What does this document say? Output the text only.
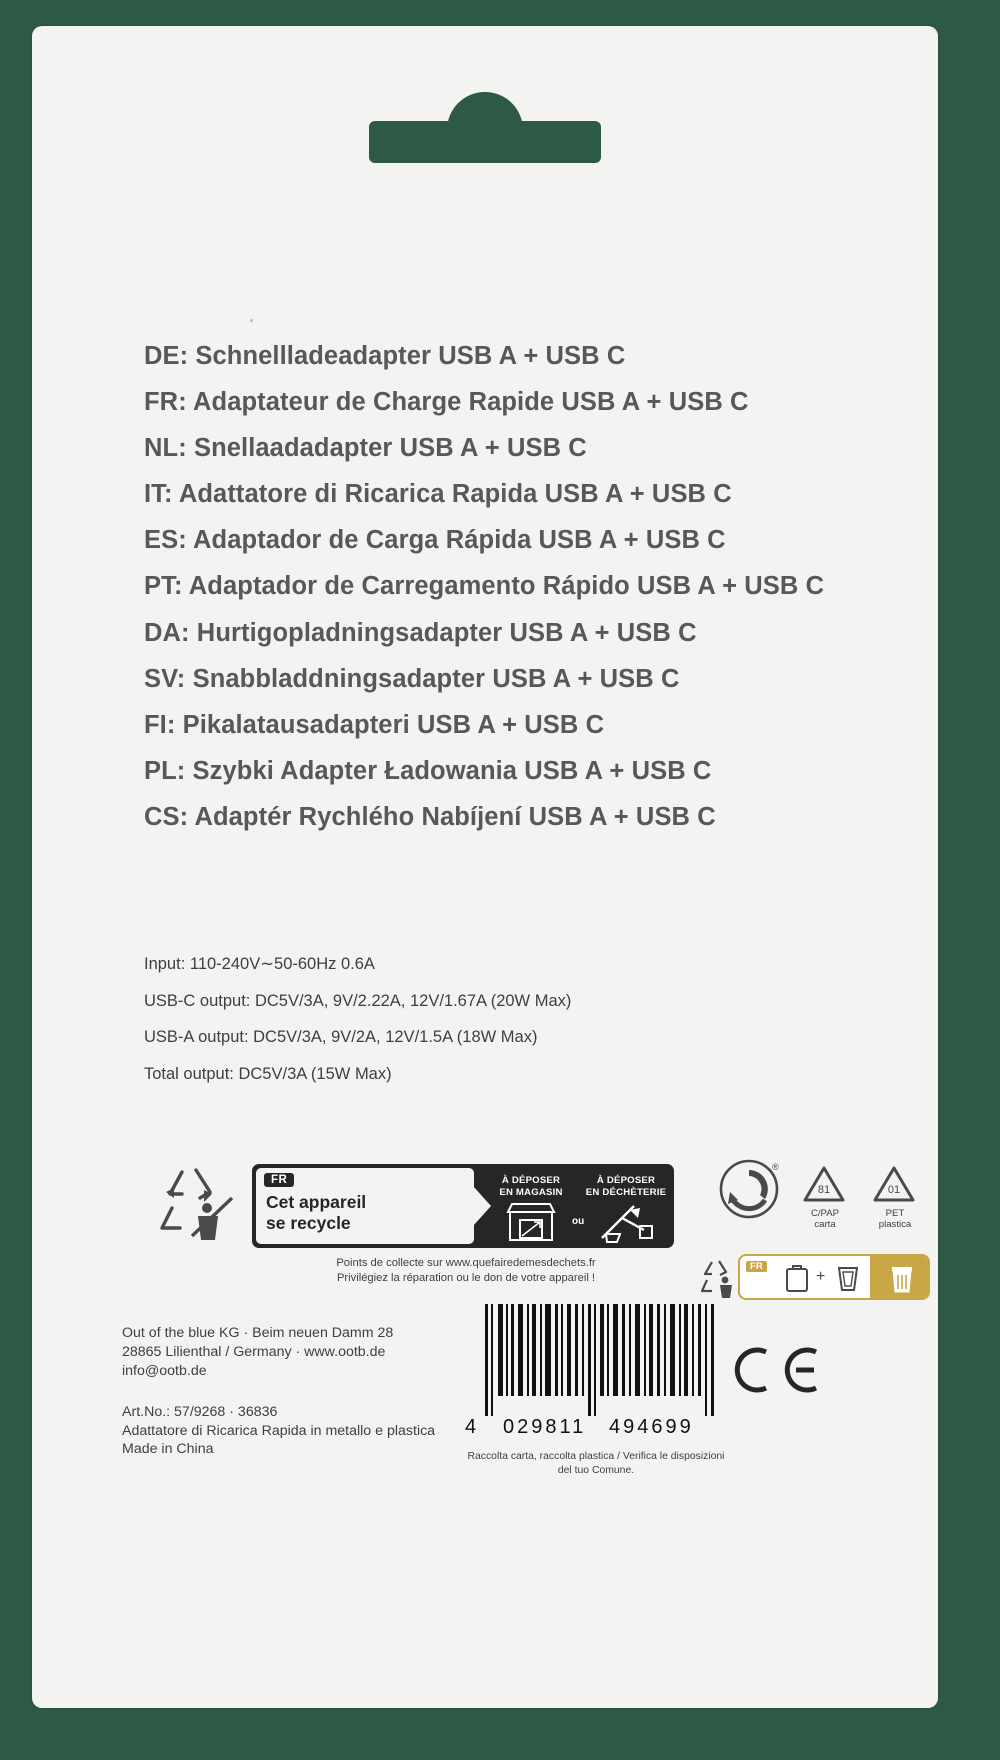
DE: Schnellladeadapter USB A + USB C
FR: Adaptateur de Charge Rapide USB A + USB C
NL: Snellaadadapter USB A + USB C
IT: Adattatore di Ricarica Rapida USB A + USB C
ES: Adaptador de Carga Rápida USB A + USB C
PT: Adaptador de Carregamento Rápido USB A + USB C
DA: Hurtigopladningsadapter USB A + USB C
SV: Snabbladdningsadapter USB A + USB C
FI: Pikalatausadapteri USB A + USB C
PL: Szybki Adapter Ładowania USB A + USB C
CS: Adaptér Rychlého Nabíjení USB A + USB C
Input: 110-240V∼50-60Hz 0.6A
USB-C output: DC5V/3A, 9V/2.22A, 12V/1.67A (20W Max)
USB-A output: DC5V/3A, 9V/2A, 12V/1.5A (18W Max)
Total output: DC5V/3A (15W Max)
FR
Cet appareil
se recycle
À DÉPOSER
EN MAGASIN
ou
À DÉPOSER
EN DÉCHÈTERIE
Points de collecte sur www.quefairedemesdechets.fr
Privilégiez la réparation ou le don de votre appareil !
®
81
C/PAP
carta
01
PET
plastica
FR
+
Out of the blue KG · Beim neuen Damm 28
28865 Lilienthal / Germany · www.ootb.de
info@ootb.de
Art.No.: 57/9268 · 36836
Adattatore di Ricarica Rapida in metallo e plastica
Made in China
4 029811 494699
Raccolta carta, raccolta plastica / Verifica le disposizioni
del tuo Comune.
